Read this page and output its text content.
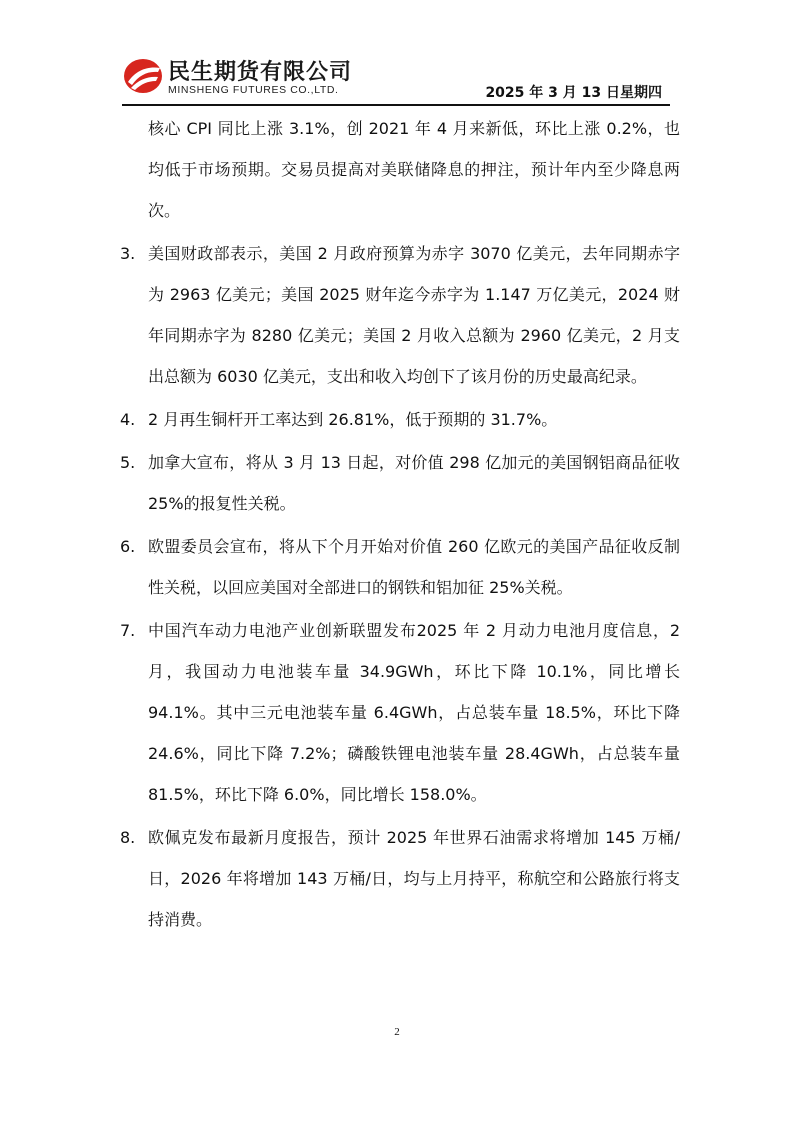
民生期货有限公司
MINSHENG FUTURES CO.,LTD.	2025 年 3 月 13 日星期四
核心 CPI 同比上涨 3.1%，创 2021 年 4 月来新低，环比上涨 0.2%，也均低于市场预期。交易员提高对美联储降息的押注，预计年内至少降息两次。
3. 美国财政部表示，美国 2 月政府预算为赤字 3070 亿美元，去年同期赤字为 2963 亿美元；美国 2025 财年迄今赤字为 1.147 万亿美元，2024 财年同期赤字为 8280 亿美元；美国 2 月收入总额为 2960 亿美元，2 月支出总额为 6030 亿美元，支出和收入均创下了该月份的历史最高纪录。
4. 2 月再生铜杆开工率达到 26.81%，低于预期的 31.7%。
5. 加拿大宣布，将从 3 月 13 日起，对价值 298 亿加元的美国钢铝商品征收 25%的报复性关税。
6. 欧盟委员会宣布，将从下个月开始对价值 260 亿欧元的美国产品征收反制性关税，以回应美国对全部进口的钢铁和铝加征 25%关税。
7. 中国汽车动力电池产业创新联盟发布2025 年 2 月动力电池月度信息，2 月，我国动力电池装车量 34.9GWh，环比下降 10.1%，同比增长 94.1%。其中三元电池装车量 6.4GWh，占总装车量 18.5%，环比下降 24.6%，同比下降 7.2%；磷酸铁锂电池装车量 28.4GWh，占总装车量 81.5%，环比下降 6.0%，同比增长 158.0%。
8. 欧佩克发布最新月度报告，预计 2025 年世界石油需求将增加 145 万桶/日，2026 年将增加 143 万桶/日，均与上月持平，称航空和公路旅行将支持消费。
2
